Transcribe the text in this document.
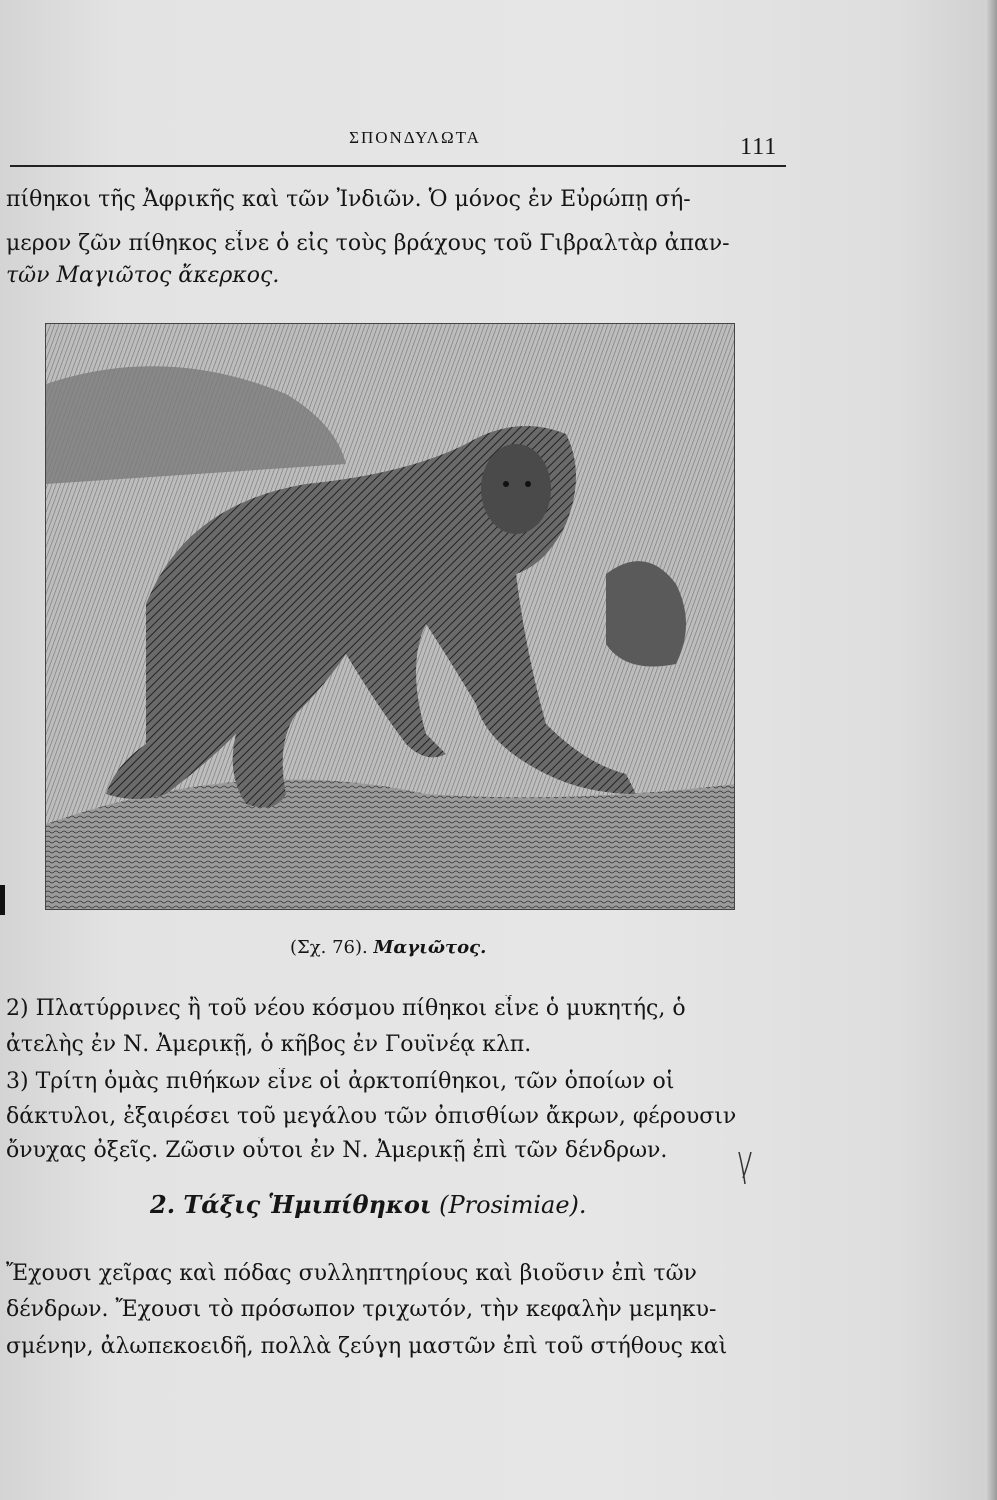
ΣΠΟΝΔΥΛΩΤΑ	111
πίθηκοι τῆς Ἀφρικῆς καὶ τῶν Ἰνδιῶν. Ὁ μόνος ἐν Εὐρώπῃ σή-
μερον ζῶν πίθηκος εἶνε ὁ εἰς τοὺς βράχους τοῦ Γιβραλτὰρ ἀπαν-
τῶν Μαγιῶτος ἄκερκος.
(Σχ. 76). Μαγιῶτος.
2) Πλατύρρινες ἢ τοῦ νέου κόσμου πίθηκοι εἶνε ὁ μυκητής, ὁ
ἀτελὴς ἐν Ν. Ἀμερικῇ, ὁ κῆβος ἐν Γουϊνέᾳ κλπ.
3) Τρίτη ὁμὰς πιθήκων εἶνε οἱ ἀρκτοπίθηκοι, τῶν ὁποίων οἱ
δάκτυλοι, ἐξαιρέσει τοῦ μεγάλου τῶν ὀπισθίων ἄκρων, φέρουσιν
ὄνυχας ὀξεῖς. Ζῶσιν οὗτοι ἐν Ν. Ἀμερικῇ ἐπὶ τῶν δένδρων.
2. Τάξις Ἡμιπίθηκοι (Prosimiae).
Ἔχουσι χεῖρας καὶ πόδας συλληπτηρίους καὶ βιοῦσιν ἐπὶ τῶν
δένδρων. Ἔχουσι τὸ πρόσωπον τριχωτόν, τὴν κεφαλὴν μεμηκυ-
σμένην, ἀλωπεκοειδῆ, πολλὰ ζεύγη μαστῶν ἐπὶ τοῦ στήθους καὶ
